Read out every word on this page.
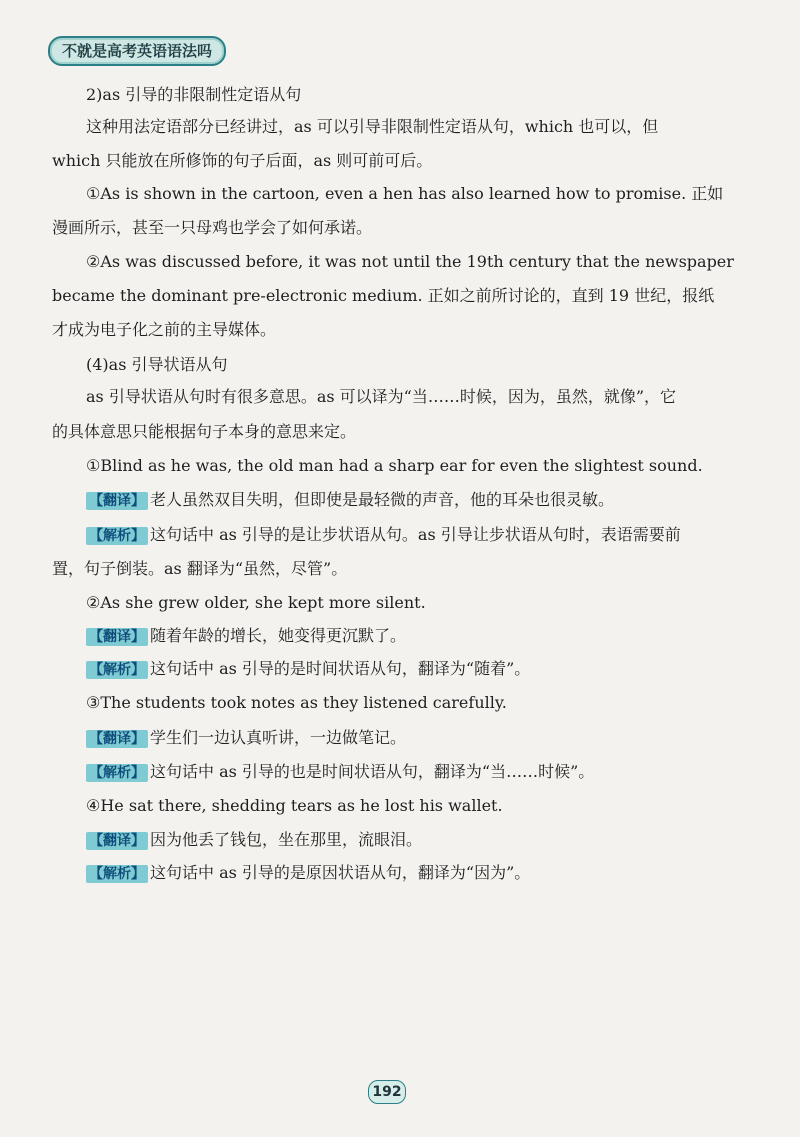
不就是高考英语语法吗
2)as 引导的非限制性定语从句
这种用法定语部分已经讲过，as 可以引导非限制性定语从句，which 也可以，但
which 只能放在所修饰的句子后面，as 则可前可后。
①As is shown in the cartoon, even a hen has also learned how to promise. 正如
漫画所示，甚至一只母鸡也学会了如何承诺。
②As was discussed before, it was not until the 19th century that the newspaper
became the dominant pre-electronic medium. 正如之前所讨论的，直到 19 世纪，报纸
才成为电子化之前的主导媒体。
(4)as 引导状语从句
as 引导状语从句时有很多意思。as 可以译为“当……时候，因为，虽然，就像”，它
的具体意思只能根据句子本身的意思来定。
①Blind as he was, the old man had a sharp ear for even the slightest sound.
【翻译】 老人虽然双目失明，但即使是最轻微的声音，他的耳朵也很灵敏。
【解析】 这句话中 as 引导的是让步状语从句。as 引导让步状语从句时，表语需要前
置，句子倒装。as 翻译为“虽然，尽管”。
②As she grew older, she kept more silent.
【翻译】 随着年龄的增长，她变得更沉默了。
【解析】 这句话中 as 引导的是时间状语从句，翻译为“随着”。
③The students took notes as they listened carefully.
【翻译】 学生们一边认真听讲，一边做笔记。
【解析】 这句话中 as 引导的也是时间状语从句，翻译为“当……时候”。
④He sat there, shedding tears as he lost his wallet.
【翻译】 因为他丢了钱包，坐在那里，流眼泪。
【解析】 这句话中 as 引导的是原因状语从句，翻译为“因为”。
192
